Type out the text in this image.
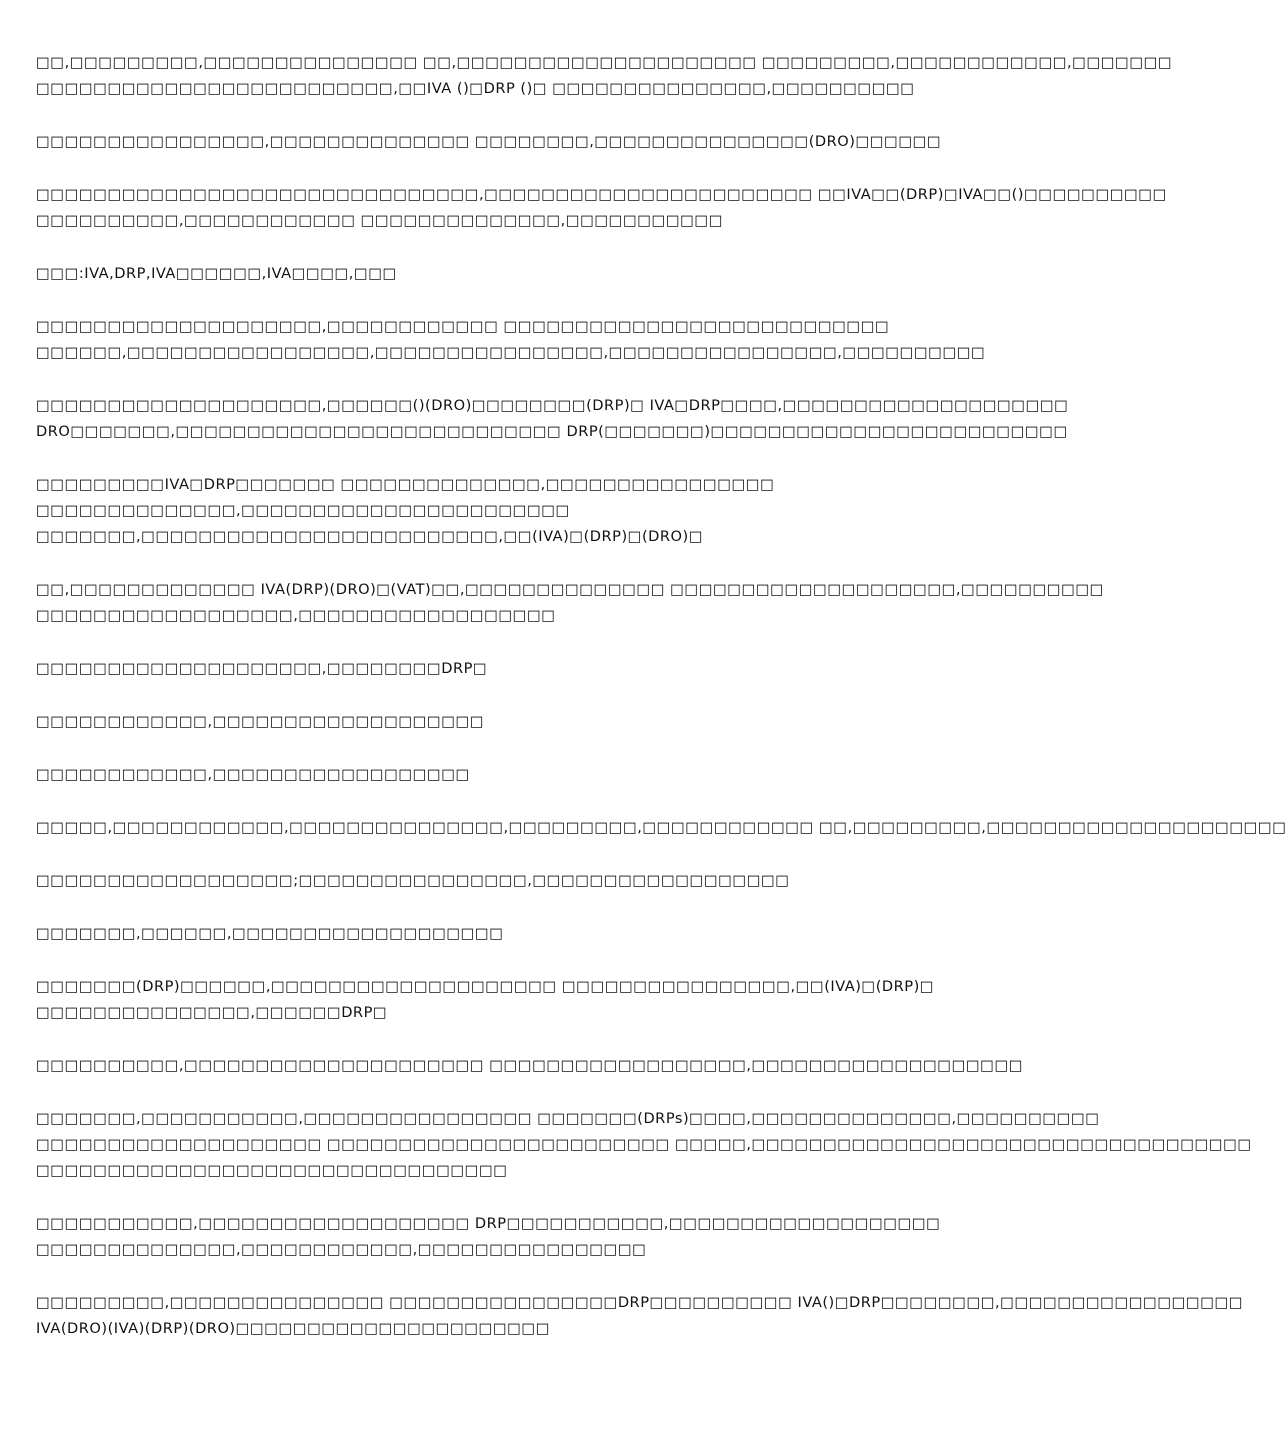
□□,□□□□□□□□□,□□□□□□□□□□□□□□□ □□,□□□□□□□□□□□□□□□□□□□□□ □□□□□□□□□,□□□□□□□□□□□□,□□□□□□□
□□□□□□□□□□□□□□□□□□□□□□□□□,□□IVA ()□DRP ()□ □□□□□□□□□□□□□□□,□□□□□□□□□□
□□□□□□□□□□□□□□□□,□□□□□□□□□□□□□□ □□□□□□□□,□□□□□□□□□□□□□□□(DRO)□□□□□□
□□□□□□□□□□□□□□□□□□□□□□□□□□□□□□□,□□□□□□□□□□□□□□□□□□□□□□□ □□IVA□□(DRP)□IVA□□()□□□□□□□□□□
□□□□□□□□□□,□□□□□□□□□□□□ □□□□□□□□□□□□□□,□□□□□□□□□□□
□□□:IVA,DRP,IVA□□□□□□,IVA□□□□,□□□
□□□□□□□□□□□□□□□□□□□□,□□□□□□□□□□□□ □□□□□□□□□□□□□□□□□□□□□□□□□□□
□□□□□□,□□□□□□□□□□□□□□□□□,□□□□□□□□□□□□□□□□,□□□□□□□□□□□□□□□□,□□□□□□□□□□
□□□□□□□□□□□□□□□□□□□□,□□□□□□()(DRO)□□□□□□□□(DRP)□ IVA□DRP□□□□,□□□□□□□□□□□□□□□□□□□□
DRO□□□□□□□,□□□□□□□□□□□□□□□□□□□□□□□□□□□ DRP(□□□□□□□)□□□□□□□□□□□□□□□□□□□□□□□□□
□□□□□□□□□IVA□DRP□□□□□□□ □□□□□□□□□□□□□□,□□□□□□□□□□□□□□□□
□□□□□□□□□□□□□□,□□□□□□□□□□□□□□□□□□□□□□□
□□□□□□□,□□□□□□□□□□□□□□□□□□□□□□□□□,□□(IVA)□(DRP)□(DRO)□
□□,□□□□□□□□□□□□□ IVA(DRP)(DRO)□(VAT)□□,□□□□□□□□□□□□□□ □□□□□□□□□□□□□□□□□□□□,□□□□□□□□□□
□□□□□□□□□□□□□□□□□□,□□□□□□□□□□□□□□□□□□
□□□□□□□□□□□□□□□□□□□□,□□□□□□□□DRP□
□□□□□□□□□□□□,□□□□□□□□□□□□□□□□□□□
□□□□□□□□□□□□,□□□□□□□□□□□□□□□□□□
□□□□□,□□□□□□□□□□□□,□□□□□□□□□□□□□□□,□□□□□□□□□,□□□□□□□□□□□□ □□,□□□□□□□□□,□□□□□□□□□□□□□□□□□□□□□
□□□□□□□□□□□□□□□□□□;□□□□□□□□□□□□□□□□,□□□□□□□□□□□□□□□□□□
□□□□□□□,□□□□□□,□□□□□□□□□□□□□□□□□□□
□□□□□□□(DRP)□□□□□□,□□□□□□□□□□□□□□□□□□□□ □□□□□□□□□□□□□□□□,□□(IVA)□(DRP)□
□□□□□□□□□□□□□□□,□□□□□□DRP□
□□□□□□□□□□,□□□□□□□□□□□□□□□□□□□□□ □□□□□□□□□□□□□□□□□□,□□□□□□□□□□□□□□□□□□□
□□□□□□□,□□□□□□□□□□□,□□□□□□□□□□□□□□□□ □□□□□□□(DRPs)□□□□,□□□□□□□□□□□□□□,□□□□□□□□□□
□□□□□□□□□□□□□□□□□□□□ □□□□□□□□□□□□□□□□□□□□□□□□ □□□□□,□□□□□□□□□□□□□□□□□□□□□□□□□□□□□□□□□□□
□□□□□□□□□□□□□□□□□□□□□□□□□□□□□□□□□
□□□□□□□□□□□,□□□□□□□□□□□□□□□□□□□ DRP□□□□□□□□□□□,□□□□□□□□□□□□□□□□□□□
□□□□□□□□□□□□□□,□□□□□□□□□□□□,□□□□□□□□□□□□□□□□
□□□□□□□□□,□□□□□□□□□□□□□□□ □□□□□□□□□□□□□□□□DRP□□□□□□□□□□ IVA()□DRP□□□□□□□□,□□□□□□□□□□□□□□□□□
IVA(DRO)(IVA)(DRP)(DRO)□□□□□□□□□□□□□□□□□□□□□□
